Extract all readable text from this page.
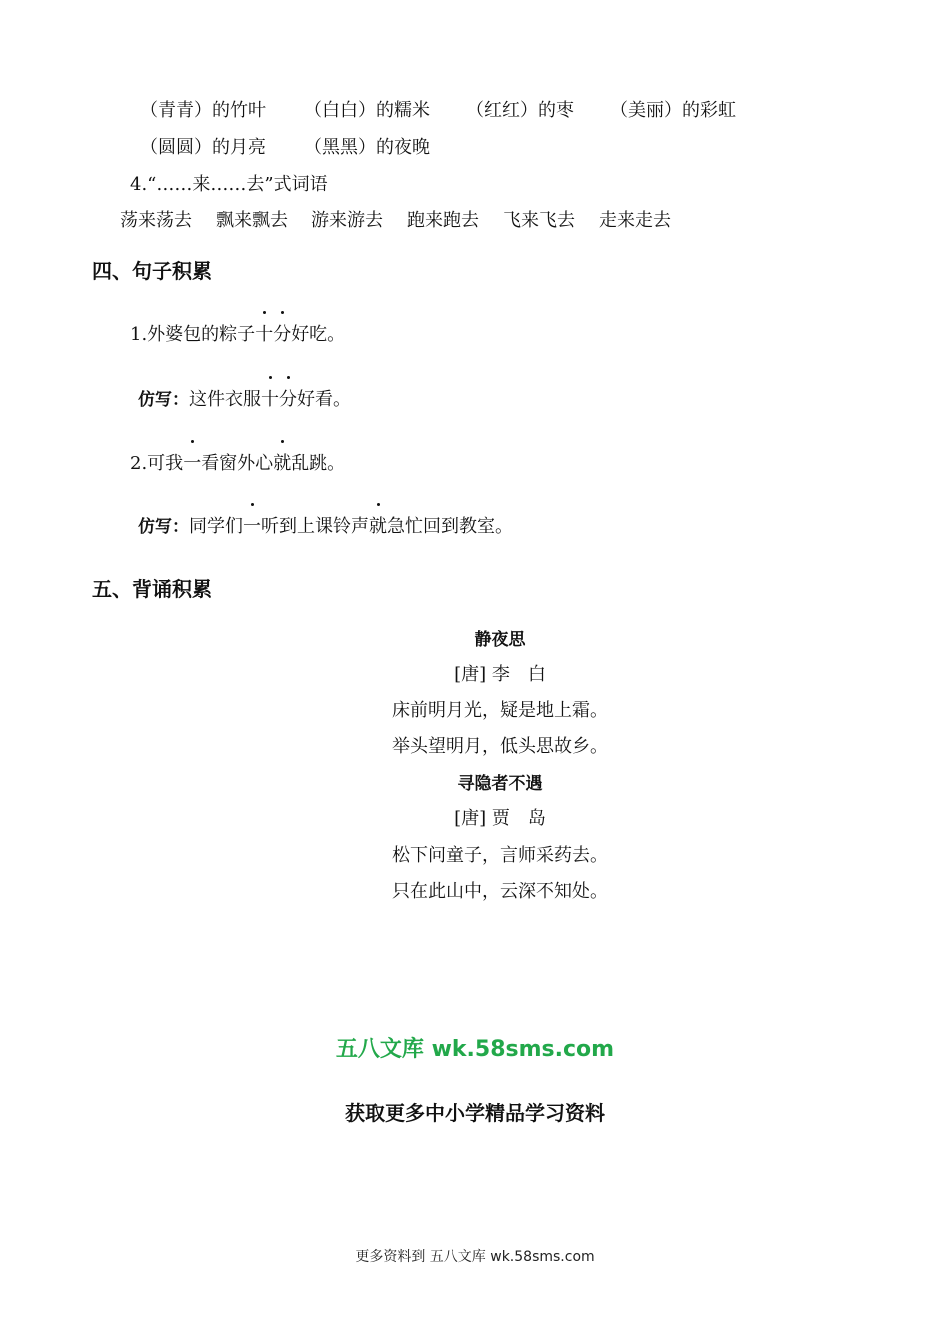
（青青）的竹叶 （白白）的糯米 （红红）的枣 （美丽）的彩虹
（圆圆）的月亮 （黑黑）的夜晚
4.“……来……去”式词语
荡来荡去 飘来飘去 游来游去 跑来跑去 飞来飞去 走来走去
四、句子积累
1.外婆包的粽子十分好吃。
仿写：这件衣服十分好看。
2.可我一看窗外心就乱跳。
仿写：同学们一听到上课铃声就急忙回到教室。
五、背诵积累
静夜思
[唐] 李　白
床前明月光，疑是地上霜。
举头望明月，低头思故乡。
寻隐者不遇
[唐] 贾　岛
松下问童子，言师采药去。
只在此山中，云深不知处。
五八文库 wk.58sms.com
获取更多中小学精品学习资料
更多资料到 五八文库 wk.58sms.com
